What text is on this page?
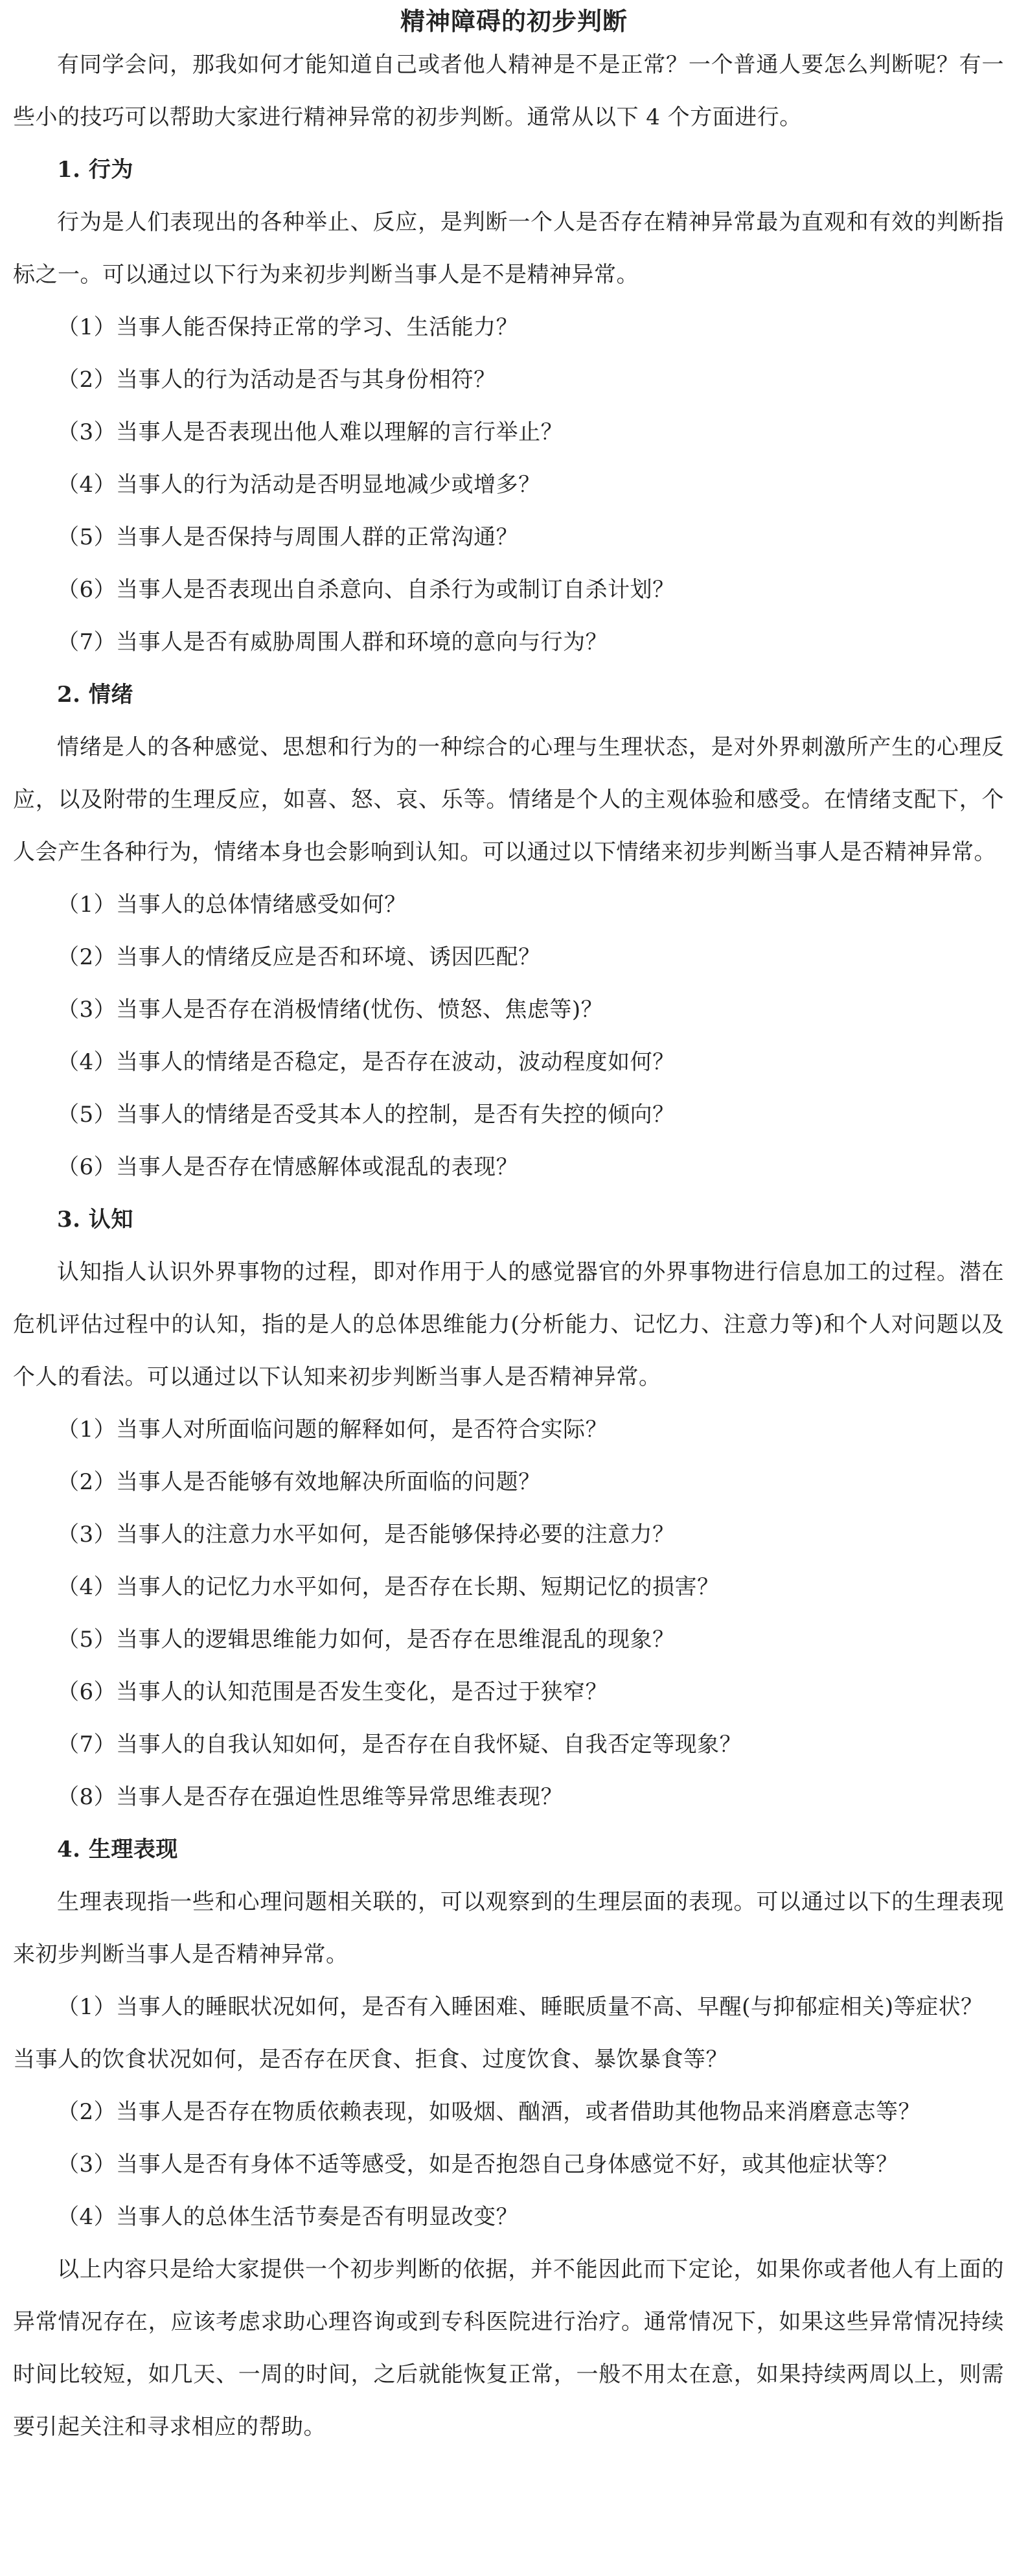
精神障碍的初步判断

有同学会问，那我如何才能知道自己或者他人精神是不是正常？一个普通人要怎么判断呢？有一些小的技巧可以帮助大家进行精神异常的初步判断。通常从以下 4 个方面进行。

1. 行为

行为是人们表现出的各种举止、反应，是判断一个人是否存在精神异常最为直观和有效的判断指标之一。可以通过以下行为来初步判断当事人是不是精神异常。

（1）当事人能否保持正常的学习、生活能力？

（2）当事人的行为活动是否与其身份相符？

（3）当事人是否表现出他人难以理解的言行举止？

（4）当事人的行为活动是否明显地减少或增多？

（5）当事人是否保持与周围人群的正常沟通？

（6）当事人是否表现出自杀意向、自杀行为或制订自杀计划？

（7）当事人是否有威胁周围人群和环境的意向与行为？

2. 情绪

情绪是人的各种感觉、思想和行为的一种综合的心理与生理状态，是对外界刺激所产生的心理反应，以及附带的生理反应，如喜、怒、哀、乐等。情绪是个人的主观体验和感受。在情绪支配下，个人会产生各种行为，情绪本身也会影响到认知。可以通过以下情绪来初步判断当事人是否精神异常。

（1）当事人的总体情绪感受如何？

（2）当事人的情绪反应是否和环境、诱因匹配？

（3）当事人是否存在消极情绪(忧伤、愤怒、焦虑等)？

（4）当事人的情绪是否稳定，是否存在波动，波动程度如何？

（5）当事人的情绪是否受其本人的控制，是否有失控的倾向？

（6）当事人是否存在情感解体或混乱的表现？

3. 认知

认知指人认识外界事物的过程，即对作用于人的感觉器官的外界事物进行信息加工的过程。潜在危机评估过程中的认知，指的是人的总体思维能力(分析能力、记忆力、注意力等)和个人对问题以及个人的看法。可以通过以下认知来初步判断当事人是否精神异常。

（1）当事人对所面临问题的解释如何，是否符合实际？

（2）当事人是否能够有效地解决所面临的问题？

（3）当事人的注意力水平如何，是否能够保持必要的注意力？

（4）当事人的记忆力水平如何，是否存在长期、短期记忆的损害？

（5）当事人的逻辑思维能力如何，是否存在思维混乱的现象？

（6）当事人的认知范围是否发生变化，是否过于狭窄？

（7）当事人的自我认知如何，是否存在自我怀疑、自我否定等现象？

（8）当事人是否存在强迫性思维等异常思维表现？

4. 生理表现

生理表现指一些和心理问题相关联的，可以观察到的生理层面的表现。可以通过以下的生理表现来初步判断当事人是否精神异常。

（1）当事人的睡眠状况如何，是否有入睡困难、睡眠质量不高、早醒(与抑郁症相关)等症状？

当事人的饮食状况如何，是否存在厌食、拒食、过度饮食、暴饮暴食等？

（2）当事人是否存在物质依赖表现，如吸烟、酗酒，或者借助其他物品来消磨意志等？

（3）当事人是否有身体不适等感受，如是否抱怨自己身体感觉不好，或其他症状等？

（4）当事人的总体生活节奏是否有明显改变？

以上内容只是给大家提供一个初步判断的依据，并不能因此而下定论，如果你或者他人有上面的异常情况存在，应该考虑求助心理咨询或到专科医院进行治疗。通常情况下，如果这些异常情况持续时间比较短，如几天、一周的时间，之后就能恢复正常，一般不用太在意，如果持续两周以上，则需要引起关注和寻求相应的帮助。
